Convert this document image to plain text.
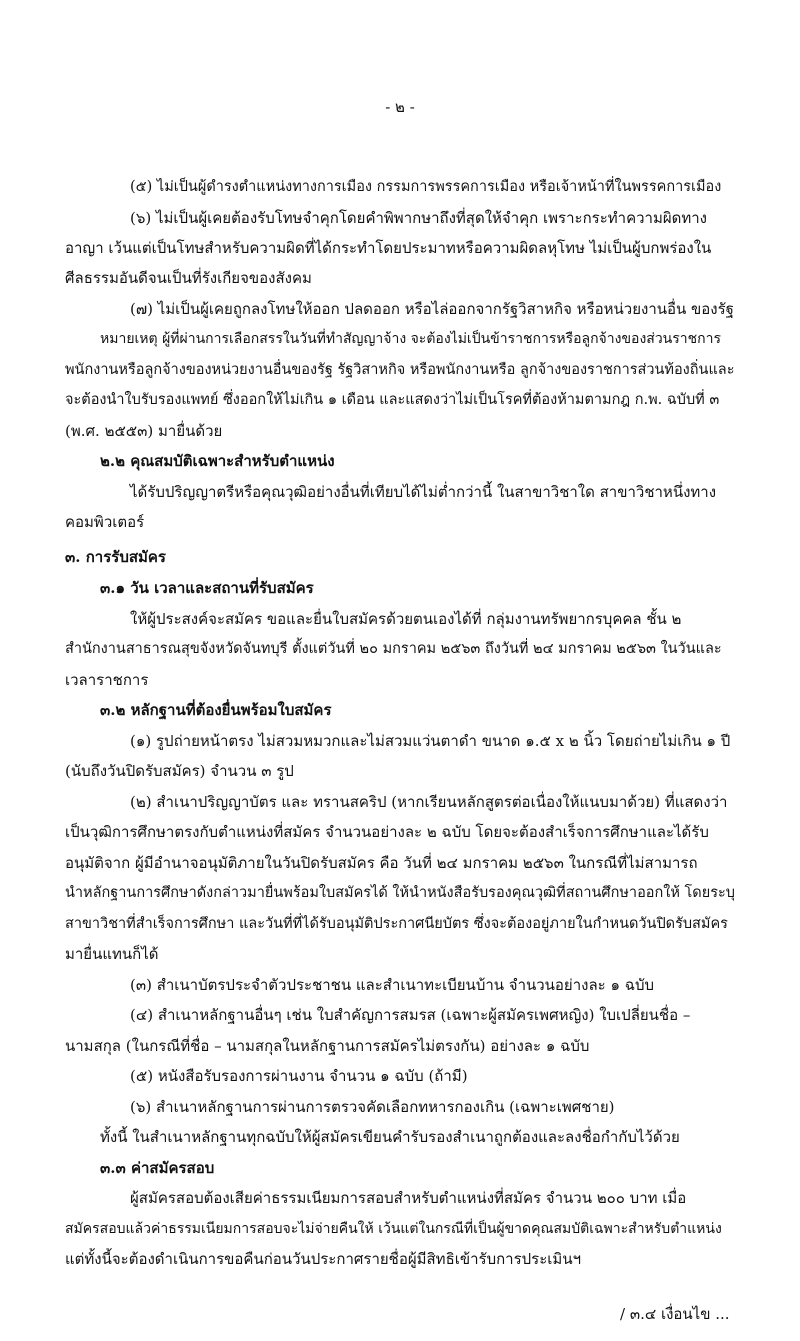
- ๒ -
(๕) ไม่เป็นผู้ดำรงตำแหน่งทางการเมือง กรรมการพรรคการเมือง หรือเจ้าหน้าที่ในพรรคการเมือง
(๖) ไม่เป็นผู้เคยต้องรับโทษจำคุกโดยคำพิพากษาถึงที่สุดให้จำคุก เพราะกระทำความผิดทาง
อาญา เว้นแต่เป็นโทษสำหรับความผิดที่ได้กระทำโดยประมาทหรือความผิดลหุโทษ ไม่เป็นผู้บกพร่องใน
ศีลธรรมอันดีจนเป็นที่รังเกียจของสังคม
(๗) ไม่เป็นผู้เคยถูกลงโทษให้ออก ปลดออก หรือไล่ออกจากรัฐวิสาหกิจ หรือหน่วยงานอื่น ของรัฐ
หมายเหตุ ผู้ที่ผ่านการเลือกสรรในวันที่ทำสัญญาจ้าง จะต้องไม่เป็นข้าราชการหรือลูกจ้างของส่วนราชการ
พนักงานหรือลูกจ้างของหน่วยงานอื่นของรัฐ รัฐวิสาหกิจ หรือพนักงานหรือ ลูกจ้างของราชการส่วนท้องถิ่นและ
จะต้องนำใบรับรองแพทย์ ซึ่งออกให้ไม่เกิน ๑ เดือน และแสดงว่าไม่เป็นโรคที่ต้องห้ามตามกฎ ก.พ. ฉบับที่ ๓
(พ.ศ. ๒๕๕๓) มายื่นด้วย
๒.๒ คุณสมบัติเฉพาะสำหรับตำแหน่ง
ได้รับปริญญาตรีหรือคุณวุฒิอย่างอื่นที่เทียบได้ไม่ต่ำกว่านี้ ในสาขาวิชาใด สาขาวิชาหนึ่งทาง
คอมพิวเตอร์
๓. การรับสมัคร
๓.๑ วัน เวลาและสถานที่รับสมัคร
ให้ผู้ประสงค์จะสมัคร ขอและยื่นใบสมัครด้วยตนเองได้ที่ กลุ่มงานทรัพยากรบุคคล ชั้น ๒
สำนักงานสาธารณสุขจังหวัดจันทบุรี ตั้งแต่วันที่ ๒๐ มกราคม ๒๕๖๓ ถึงวันที่ ๒๔ มกราคม ๒๕๖๓ ในวันและ
เวลาราชการ
๓.๒ หลักฐานที่ต้องยื่นพร้อมใบสมัคร
(๑) รูปถ่ายหน้าตรง ไม่สวมหมวกและไม่สวมแว่นตาดำ ขนาด ๑.๕ x ๒ นิ้ว โดยถ่ายไม่เกิน ๑ ปี
(นับถึงวันปิดรับสมัคร) จำนวน ๓ รูป
(๒) สำเนาปริญญาบัตร และ ทรานสคริป (หากเรียนหลักสูตรต่อเนื่องให้แนบมาด้วย) ที่แสดงว่า
เป็นวุฒิการศึกษาตรงกับตำแหน่งที่สมัคร จำนวนอย่างละ ๒ ฉบับ โดยจะต้องสำเร็จการศึกษาและได้รับ
อนุมัติจาก ผู้มีอำนาจอนุมัติภายในวันปิดรับสมัคร คือ วันที่ ๒๔ มกราคม ๒๕๖๓ ในกรณีที่ไม่สามารถ
นำหลักฐานการศึกษาดังกล่าวมายื่นพร้อมใบสมัครได้ ให้นำหนังสือรับรองคุณวุฒิที่สถานศึกษาออกให้ โดยระบุ
สาขาวิชาที่สำเร็จการศึกษา และวันที่ที่ได้รับอนุมัติประกาศนียบัตร ซึ่งจะต้องอยู่ภายในกำหนดวันปิดรับสมัคร
มายื่นแทนก็ได้
(๓) สำเนาบัตรประจำตัวประชาชน และสำเนาทะเบียนบ้าน จำนวนอย่างละ ๑ ฉบับ
(๔) สำเนาหลักฐานอื่นๆ เช่น ใบสำคัญการสมรส (เฉพาะผู้สมัครเพศหญิง) ใบเปลี่ยนชื่อ –
นามสกุล (ในกรณีที่ชื่อ – นามสกุลในหลักฐานการสมัครไม่ตรงกัน) อย่างละ ๑ ฉบับ
(๕) หนังสือรับรองการผ่านงาน จำนวน ๑ ฉบับ (ถ้ามี)
(๖) สำเนาหลักฐานการผ่านการตรวจคัดเลือกทหารกองเกิน (เฉพาะเพศชาย)
ทั้งนี้ ในสำเนาหลักฐานทุกฉบับให้ผู้สมัครเขียนคำรับรองสำเนาถูกต้องและลงชื่อกำกับไว้ด้วย
๓.๓ ค่าสมัครสอบ
ผู้สมัครสอบต้องเสียค่าธรรมเนียมการสอบสำหรับตำแหน่งที่สมัคร จำนวน ๒๐๐ บาท เมื่อ
สมัครสอบแล้วค่าธรรมเนียมการสอบจะไม่จ่ายคืนให้ เว้นแต่ในกรณีที่เป็นผู้ขาดคุณสมบัติเฉพาะสำหรับตำแหน่ง
แต่ทั้งนี้จะต้องดำเนินการขอคืนก่อนวันประกาศรายชื่อผู้มีสิทธิเข้ารับการประเมินฯ
/ ๓.๔ เงื่อนไข ...
